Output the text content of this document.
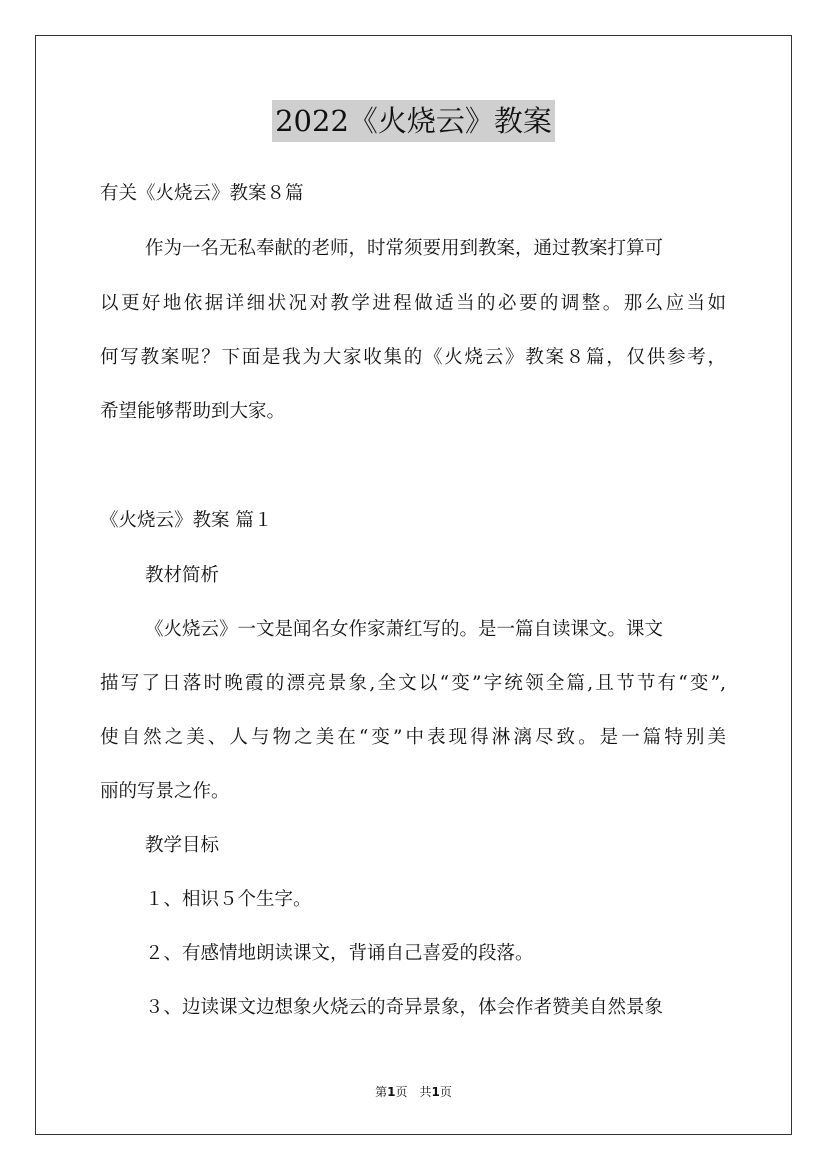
2022《火烧云》教案
有关《火烧云》教案８篇
作为一名无私奉献的老师，时常须要用到教案，通过教案打算可
以更好地依据详细状况对教学进程做适当的必要的调整。那么应当如
何写教案呢？下面是我为大家收集的《火烧云》教案８篇，仅供参考，
希望能够帮助到大家。
《火烧云》教案 篇１
教材简析
《火烧云》一文是闻名女作家萧红写的。是一篇自读课文。课文
描写了日落时晚霞的漂亮景象,全文以“变”字统领全篇,且节节有“变”,
使自然之美、人与物之美在“变”中表现得淋漓尽致。是一篇特别美
丽的写景之作。
教学目标
１、相识５个生字。
２、有感情地朗读课文，背诵自己喜爱的段落。
３、边读课文边想象火烧云的奇异景象，体会作者赞美自然景象
第1页　共1页
